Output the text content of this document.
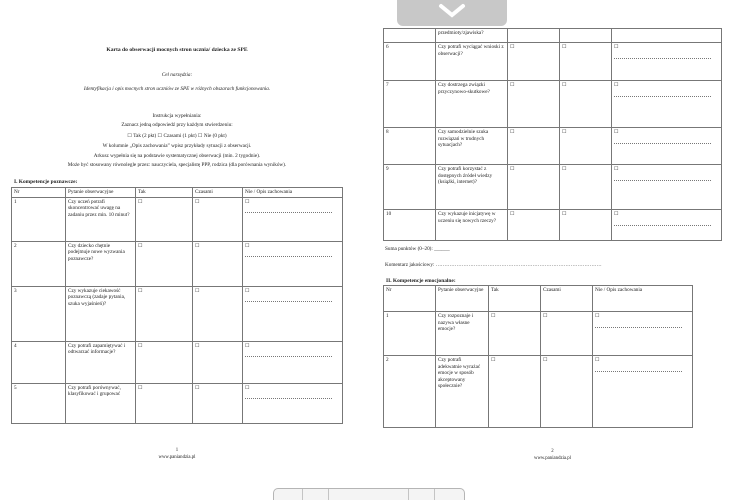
Karta do obserwacji mocnych stron ucznia/ dziecka ze SPE
Cel narzędzia:
Identyfikacja i opis mocnych stron uczniów ze SPE w różnych obszarach funkcjonowania.
Instrukcja wypełniania:
Zaznacz jedną odpowiedź przy każdym stwierdzeniu:
☐ Tak (2 pkt) ☐ Czasami (1 pkt) ☐ Nie (0 pkt)
W kolumnie „Opis zachowania” wpisz przykłady sytuacji z obserwacji.
Arkusz wypełnia się na podstawie systematycznej obserwacji (min. 2 tygodnie).
Może być stosowany równolegle przez: nauczyciela, specjalistę PPP, rodzica (dla porównania wyników).
I. Kompetencje poznawcze:
Nr	Pytanie obserwacyjne	Tak	Czasami	Nie / Opis zachowania
1	Czy uczeń potrafi skoncentrować uwagę na zadaniu przez min. 10 minut?	☐	☐	☐

2	Czy dziecko chętnie podejmuje nowe wyzwania poznawcze?	☐	☐	☐

3	Czy wykazuje ciekawość poznawczą (zadaje pytania, szuka wyjaśnień)?	☐	☐	☐

4	Czy potrafi zapamiętywać i odtwarzać informacje?	☐	☐	☐

5	Czy potrafi porównywać, klasyfikować i grupować	☐	☐	☐
1
www.paniandzia.pl
	przedmioty/zjawiska?			
6	Czy potrafi wyciągać wnioski z obserwacji?	☐	☐	☐

7	Czy dostrzega związki przyczynowo-skutkowe?	☐	☐	☐

8	Czy samodzielnie szuka rozwiązań w trudnych sytuacjach?	☐	☐	☐

9	Czy potrafi korzystać z dostępnych źródeł wiedzy (książki, internet)?	☐	☐	☐

10	Czy wykazuje inicjatywę w uczeniu się nowych rzeczy?	☐	☐	☐
Suma punktów (0–20): ______
Komentarz jakościowy: ……………………………………………………………………………………
II. Kompetencje emocjonalne:
Nr	Pytanie obserwacyjne	Tak	Czasami	Nie / Opis zachowania
1	Czy rozpoznaje i nazywa własne emocje?	☐	☐	☐

2	Czy potrafi adekwatnie wyrażać emocje w sposób akceptowany społecznie?	☐	☐	☐
2
www.paniandzia.pl
